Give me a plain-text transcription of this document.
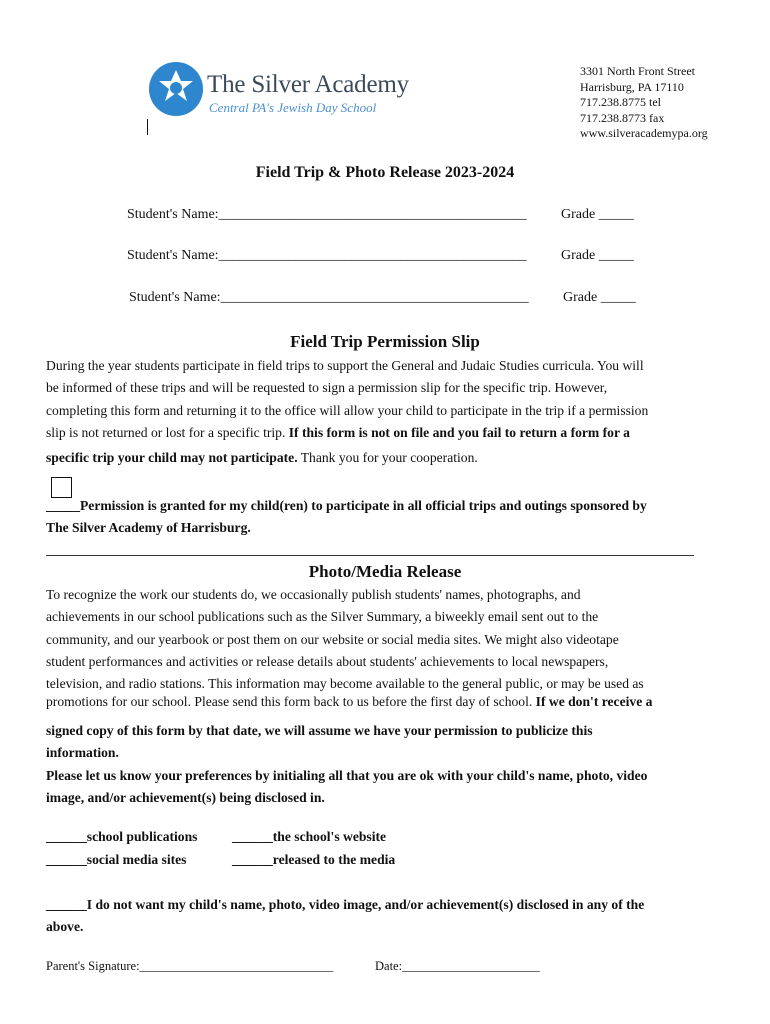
The Silver Academy
Central PA's Jewish Day School
3301 North Front Street
Harrisburg, PA 17110
717.238.8775 tel
717.238.8773 fax
www.silveracademypa.org
Field Trip & Photo Release 2023-2024
Student's Name:____________________________________________ Grade _____
Student's Name:____________________________________________ Grade _____
Student's Name:____________________________________________ Grade _____
Field Trip Permission Slip
During the year students participate in field trips to support the General and Judaic Studies curricula. You will
be informed of these trips and will be requested to sign a permission slip for the specific trip. However,
completing this form and returning it to the office will allow your child to participate in the trip if a permission
slip is not returned or lost for a specific trip. If this form is not on file and you fail to return a form for a
specific trip your child may not participate. Thank you for your cooperation.
_____Permission is granted for my child(ren) to participate in all official trips and outings sponsored by
The Silver Academy of Harrisburg.
Photo/Media Release
To recognize the work our students do, we occasionally publish students' names, photographs, and
achievements in our school publications such as the Silver Summary, a biweekly email sent out to the
community, and our yearbook or post them on our website or social media sites. We might also videotape
student performances and activities or release details about students' achievements to local newspapers,
television, and radio stations. This information may become available to the general public, or may be used as
promotions for our school. Please send this form back to us before the first day of school. If we don't receive a
signed copy of this form by that date, we will assume we have your permission to publicize this
information.
Please let us know your preferences by initialing all that you are ok with your child's name, photo, video
image, and/or achievement(s) being disclosed in.
______school publications	______the school's website
______social media sites	______released to the media
______I do not want my child's name, photo, video image, and/or achievement(s) disclosed in any of the
above.
Parent's Signature:_______________________________	Date:______________________
